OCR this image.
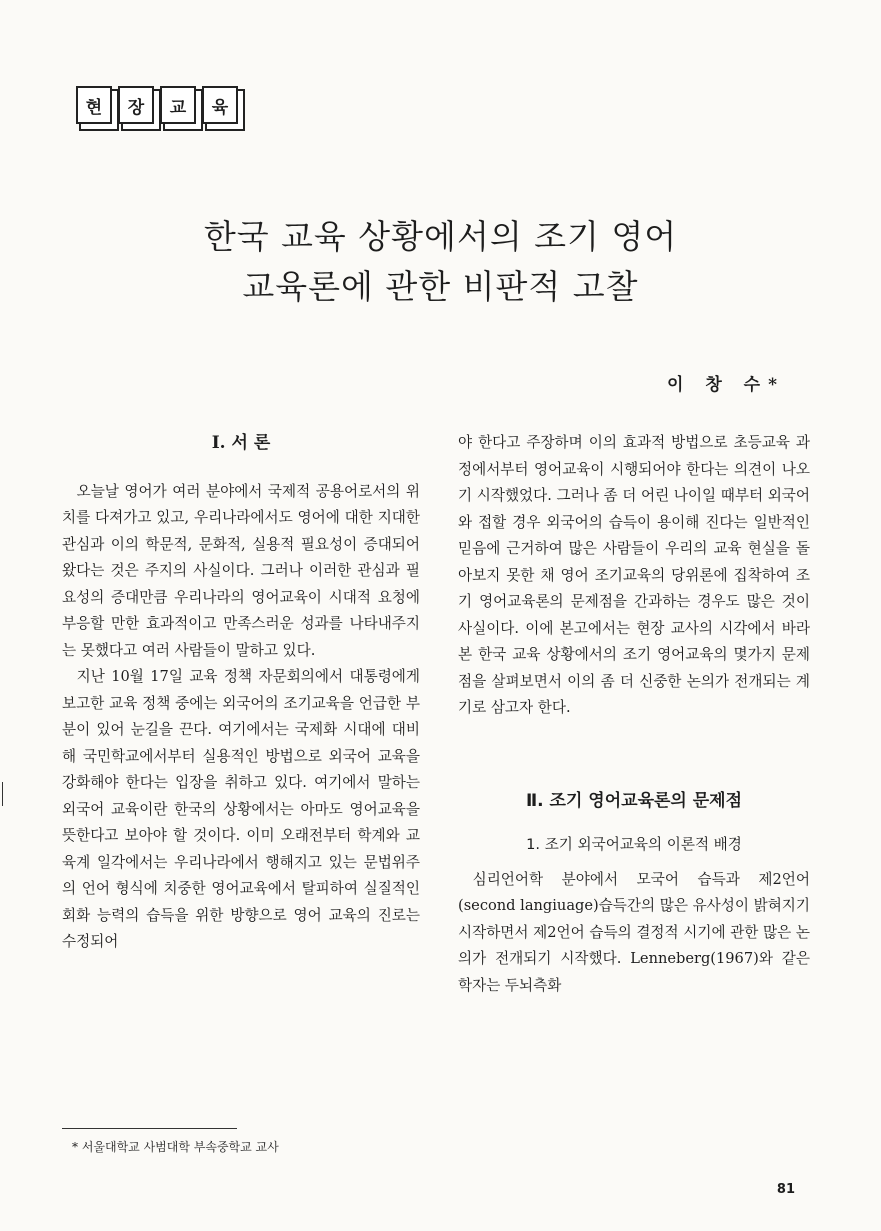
현	장	교	육
한국 교육 상황에서의 조기 영어
교육론에 관한 비판적 고찰
이 창 수*
Ⅰ. 서 론

오늘날 영어가 여러 분야에서 국제적 공용어로서의 위치를 다져가고 있고, 우리나라에서도 영어에 대한 지대한 관심과 이의 학문적, 문화적, 실용적 필요성이 증대되어 왔다는 것은 주지의 사실이다. 그러나 이러한 관심과 필요성의 증대만큼 우리나라의 영어교육이 시대적 요청에 부응할 만한 효과적이고 만족스러운 성과를 나타내주지는 못했다고 여러 사람들이 말하고 있다.

지난 10월 17일 교육 정책 자문회의에서 대통령에게 보고한 교육 정책 중에는 외국어의 조기교육을 언급한 부분이 있어 눈길을 끈다. 여기에서는 국제화 시대에 대비해 국민학교에서부터 실용적인 방법으로 외국어 교육을 강화해야 한다는 입장을 취하고 있다. 여기에서 말하는 외국어 교육이란 한국의 상황에서는 아마도 영어교육을 뜻한다고 보아야 할 것이다. 이미 오래전부터 학계와 교육계 일각에서는 우리나라에서 행해지고 있는 문법위주의 언어 형식에 치중한 영어교육에서 탈피하여 실질적인 회화 능력의 습득을 위한 방향으로 영어 교육의 진로는 수정되어

야 한다고 주장하며 이의 효과적 방법으로 초등교육 과정에서부터 영어교육이 시행되어야 한다는 의견이 나오기 시작했었다. 그러나 좀 더 어린 나이일 때부터 외국어와 접할 경우 외국어의 습득이 용이해 진다는 일반적인 믿음에 근거하여 많은 사람들이 우리의 교육 현실을 돌아보지 못한 채 영어 조기교육의 당위론에 집착하여 조기 영어교육론의 문제점을 간과하는 경우도 많은 것이 사실이다. 이에 본고에서는 현장 교사의 시각에서 바라본 한국 교육 상황에서의 조기 영어교육의 몇가지 문제점을 살펴보면서 이의 좀 더 신중한 논의가 전개되는 계기로 삼고자 한다.

Ⅱ. 조기 영어교육론의 문제점
1. 조기 외국어교육의 이론적 배경

심리언어학 분야에서 모국어 습득과 제2언어(second langiuage)습득간의 많은 유사성이 밝혀지기 시작하면서 제2언어 습득의 결정적 시기에 관한 많은 논의가 전개되기 시작했다. Lenneberg(1967)와 같은 학자는 두뇌측화

* 서울대학교 사범대학 부속중학교 교사
81
